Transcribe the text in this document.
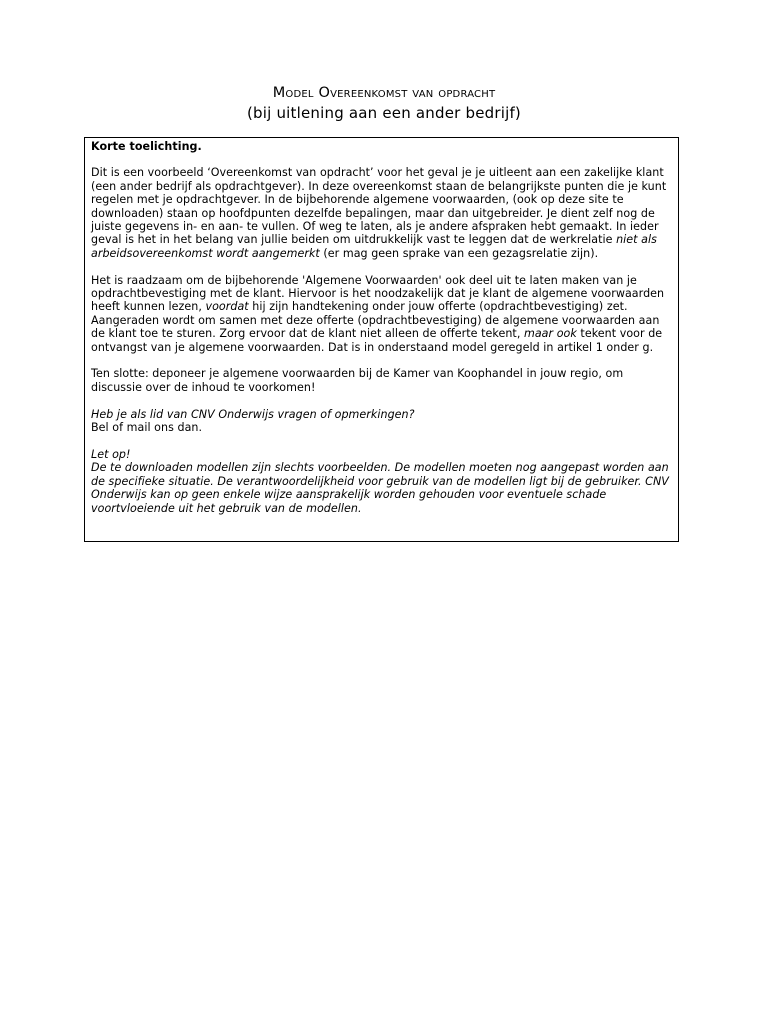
Model Overeenkomst van opdracht
(bij uitlening aan een ander bedrijf)
Korte toelichting.

Dit is een voorbeeld ‘Overeenkomst van opdracht’ voor het geval je je uitleent aan een zakelijke klant (een ander bedrijf als opdrachtgever). In deze overeenkomst staan de belangrijkste punten die je kunt regelen met je opdrachtgever. In de bijbehorende algemene voorwaarden, (ook op deze site te downloaden) staan op hoofdpunten dezelfde bepalingen, maar dan uitgebreider. Je dient zelf nog de juiste gegevens in- en aan- te vullen. Of weg te laten, als je andere afspraken hebt gemaakt. In ieder geval is het in het belang van jullie beiden om uitdrukkelijk vast te leggen dat de werkrelatie niet als arbeidsovereenkomst wordt aangemerkt (er mag geen sprake van een gezagsrelatie zijn).

Het is raadzaam om de bijbehorende 'Algemene Voorwaarden' ook deel uit te laten maken van je opdrachtbevestiging met de klant. Hiervoor is het noodzakelijk dat je klant de algemene voorwaarden heeft kunnen lezen, voordat hij zijn handtekening onder jouw offerte (opdrachtbevestiging) zet. Aangeraden wordt om samen met deze offerte (opdrachtbevestiging) de algemene voorwaarden aan de klant toe te sturen. Zorg ervoor dat de klant niet alleen de offerte tekent, maar ook tekent voor de ontvangst van je algemene voorwaarden. Dat is in onderstaand model geregeld in artikel 1 onder g.

Ten slotte: deponeer je algemene voorwaarden bij de Kamer van Koophandel in jouw regio, om discussie over de inhoud te voorkomen!

Heb je als lid van CNV Onderwijs vragen of opmerkingen?
Bel of mail ons dan.

Let op!
De te downloaden modellen zijn slechts voorbeelden. De modellen moeten nog aangepast worden aan de specifieke situatie. De verantwoordelijkheid voor gebruik van de modellen ligt bij de gebruiker. CNV Onderwijs kan op geen enkele wijze aansprakelijk worden gehouden voor eventuele schade voortvloeiende uit het gebruik van de modellen.
